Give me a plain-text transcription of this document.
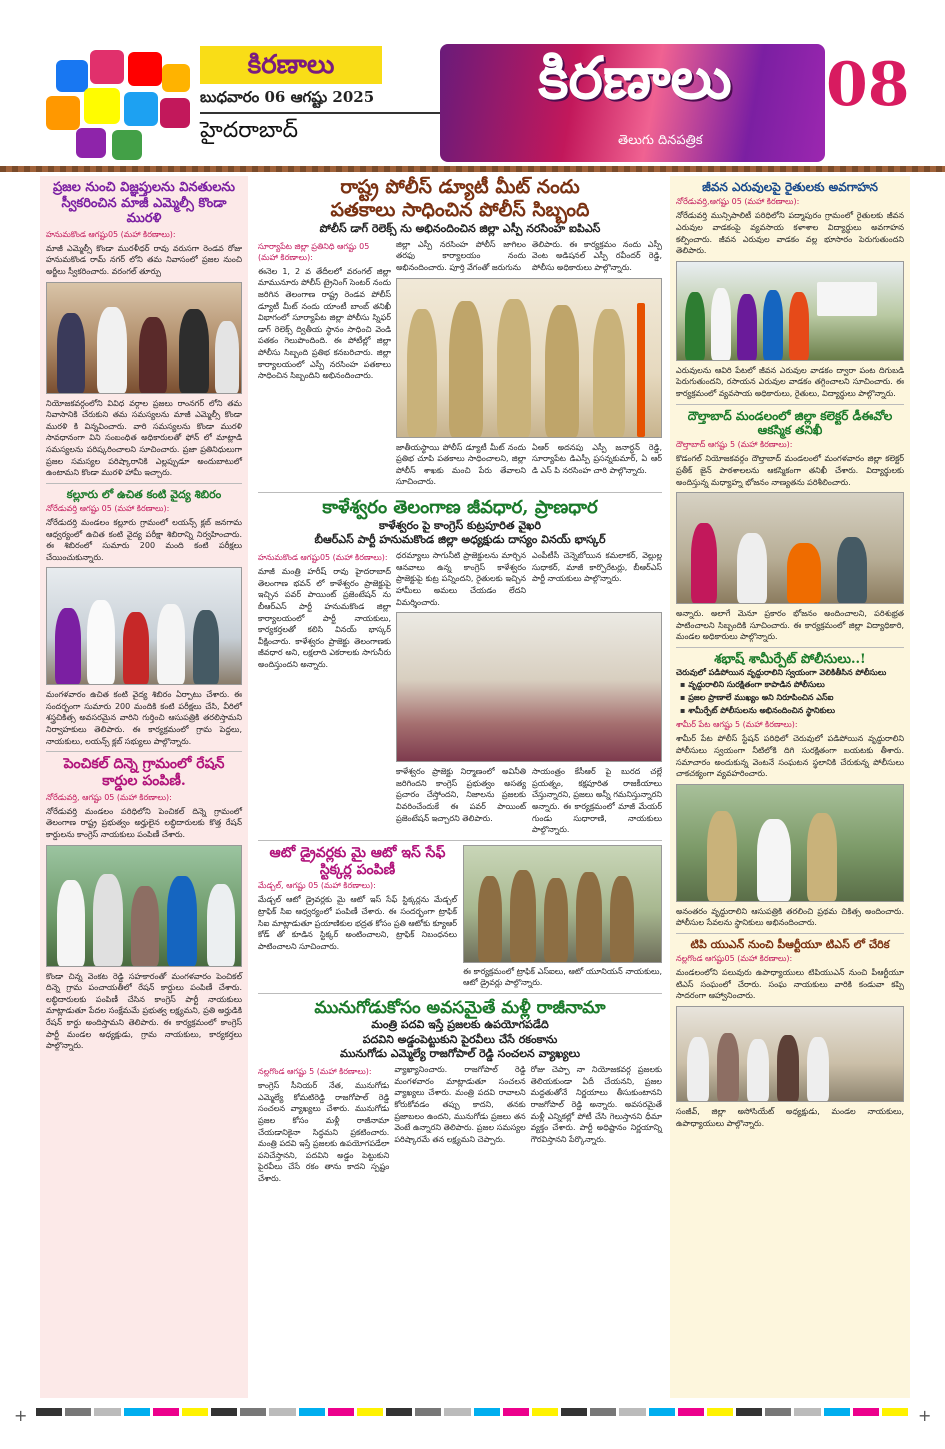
కిరణాలు
బుధవారం 06 ఆగష్టు 2025
హైదరాబాద్
కిరణాలు
తెలుగు దినపత్రిక
08
ప్రజల నుంచి విజ్ఞప్తులను వినతులను స్వీకరించిన మాజీ ఎమ్మెల్సీ కొండా మురళి
హనుమకొండ ఆగష్టు05 (మహా కిరణాలు):
మాజీ ఎమ్మెల్సీ కొండా మురళీధర్ రావు వరుసగా రెండవ రోజు హనుమకొండ రామ్ నగర్ లోని తమ నివాసంలో ప్రజల నుంచి అర్జీలు స్వీకరించారు. వరంగల్ తూర్పు
నియోజకవర్గంలోని వివిధ వర్గాల ప్రజలు రాంనగర్ లోని తమ నివాసానికి చేరుకుని తమ సమస్యలను మాజీ ఎమ్మెల్సీ కొండా మురళి కి విన్నవించారు. వారి సమస్యలను కొండా మురళి సావధానంగా విని సంబంధిత అధికారులతో ఫోన్ లో మాట్లాడి సమస్యలను పరిష్కరించాలని సూచించారు. ప్రజా ప్రతినిధులుగా ప్రజల సమస్యల పరిష్కారానికి ఎల్లప్పుడూ అందుబాటులో ఉంటామని కొండా మురళి హామీ ఇచ్చారు.
కల్లూరు లో ఉచిత కంటి వైద్య శిబిరం
నోరేడువర్తి ఆగష్టు 05 (మహా కిరణాలు):
నోరేడుదర్తి మండలం కల్లూరు గ్రామంలో లయన్స్ క్లబ్ జనగామ ఆధ్వర్యంలో ఉచిత కంటి వైద్య పరీక్షా శిబిరాన్ని నిర్వహించారు. ఈ శిబిరంలో సుమారు 200 మంది కంటి పరీక్షలు చేయించుకున్నారు.
మంగళవారం ఉచిత కంటి వైద్య శిబిరం ఏర్పాటు చేశారు. ఈ సందర్భంగా సుమారు 200 మందికి కంటి పరీక్షలు చేసి, వీరిలో శస్త్రచికిత్స అవసరమైన వారిని గుర్తించి ఆసుపత్రికి తరలిస్తామని నిర్వాహకులు తెలిపారు. ఈ కార్యక్రమంలో గ్రామ పెద్దలు, నాయకులు, లయన్స్ క్లబ్ సభ్యులు పాల్గొన్నారు.
పెంచికల్ దిన్నె గ్రామంలో రేషన్ కార్డుల పంపిణీ.
నోరేడువర్తి, ఆగష్టు 05 (మహా కిరణాలు):
నోరేడువర్తి మండలం పరిధిలోని పెంచికల్ దిన్నె గ్రామంలో తెలంగాణ రాష్ట్ర ప్రభుత్వం అర్హులైన లబ్ధిదారులకు కొత్త రేషన్ కార్డులను కాంగ్రెస్ నాయకులు పంపిణీ చేశారు.
కొండా చిన్న వెంకట రెడ్డి సహకారంతో మంగళవారం పెంచికల్ దిన్నె గ్రామ పంచాయతీలో రేషన్ కార్డులు పంపిణీ చేశారు. లబ్ధిదారులకు పంపిణీ చేసిన కాంగ్రెస్ పార్టీ నాయకులు మాట్లాడుతూ పేదల సంక్షేమమే ప్రభుత్వ లక్ష్యమని, ప్రతి అర్హుడికి రేషన్ కార్డు అందిస్తామని తెలిపారు. ఈ కార్యక్రమంలో కాంగ్రెస్ పార్టీ మండల అధ్యక్షుడు, గ్రామ నాయకులు, కార్యకర్తలు పాల్గొన్నారు.
రాష్ట్ర పోలీస్ డ్యూటీ మీట్ నందు
పతకాలు సాధించిన పోలీస్ సిబ్బంది
పోలీస్ డాగ్ రెలెక్స్ ను అభినందించిన జిల్లా ఎస్పీ నరసింహ ఐపిఎస్
సూర్యాపేట జిల్లా ప్రతినిధి ఆగష్టు 05 (మహా కిరణాలు):
ఈనెల 1, 2 వ తేదీలలో వరంగల్ జిల్లా మామునూరు పోలీస్ ట్రైనింగ్ సెంటర్ నందు జరిగిన తెలంగాణ రాష్ట్ర రెండవ పోలీస్ డ్యూటీ మీట్ నందు యాంటీ బాంబ్ తనిఖీ విభాగంలో సూర్యాపేట జిల్లా పోలీసు స్నిఫర్ డాగ్ రెలెక్స్ ద్వితీయ స్థానం సాధించి వెండి పతకం గెలుపొందింది. ఈ పోటీల్లో జిల్లా పోలీసు సిబ్బంది ప్రతిభ కనబరిచారు. జిల్లా కార్యాలయంలో ఎస్పీ నరసింహ పతకాలు సాధించిన సిబ్బందిని అభినందించారు.
జిల్లా ఎస్పీ నరసింహ పోలీస్ జాగిలం తరఫు కార్యాలయం నందు అభినందించారు. పూర్తి వేగంతో జరుగును
తెలిపారు. ఈ కార్యక్రమం నందు ఎస్పీ వెంట అడిషనల్ ఎస్పీ రవీందర్ రెడ్డి, పోలీసు అధికారులు పాల్గొన్నారు.
జాతీయస్థాయి పోలీస్ డ్యూటీ మీట్ నందు ప్రతిభ చూపి పతకాలు సాధించాలని, జిల్లా పోలీస్ శాఖకు మంచి పేరు తేవాలని సూచించారు.
ఏఆర్ అదనపు ఎస్పీ జనార్ధన్ రెడ్డి, సూర్యాపేట డిఎస్పీ ప్రసన్నకుమార్, ఏ ఆర్ డి ఎస్ పి నరసింహ చారి పాల్గొన్నారు.
కాళేశ్వరం తెలంగాణ జీవధార, ప్రాణధార
కాళేశ్వరం పై కాంగ్రెస్ కుట్రపూరిత వైఖరి
బీఆర్ఎస్ పార్టీ హనుమకొండ జిల్లా అధ్యక్షుడు దాస్యం వినయ్ భాస్కర్
హనుమకొండ ఆగష్టు05 (మహా కిరణాలు):
మాజీ మంత్రి హరీష్ రావు హైదరాబాద్ తెలంగాణ భవన్ లో కాళేశ్వరం ప్రాజెక్టుపై ఇచ్చిన పవర్ పాయింట్ ప్రజెంటేషన్ ను బీఆర్ఎస్ పార్టీ హనుమకొండ జిల్లా కార్యాలయంలో పార్టీ నాయకులు, కార్యకర్తలతో కలిసి వినయ్ భాస్కర్ వీక్షించారు. కాళేశ్వరం ప్రాజెక్టు తెలంగాణకు జీవధార అని, లక్షలాది ఎకరాలకు సాగునీరు అందిస్తుందని అన్నారు.
ధరమ్యాలు సాగునీటి ప్రాజెక్టులను మార్చిన ఆనవాలు ఉన్న కాంగ్రెస్ కాళేశ్వరం ప్రాజెక్టుపై కుట్ర పన్నిందని, రైతులకు ఇచ్చిన హామీలు అమలు చేయడం లేదని విమర్శించారు.
ఎంపీటీసీ చెన్నెబోయిన కమలాకర్, వెల్లుల్ల సుధాకర్, మాజీ కార్పొరేటర్లు, బీఆర్ఎస్ పార్టీ నాయకులు పాల్గొన్నారు.
కాళేశ్వరం ప్రాజెక్టు నిర్మాణంలో అవినీతి జరిగిందని కాంగ్రెస్ ప్రభుత్వం అసత్య ప్రచారం చేస్తోందని, నిజాలను ప్రజలకు వివరించేందుకే ఈ పవర్ పాయింట్ ప్రజెంటేషన్ ఇచ్చారని తెలిపారు.
సాయంత్రం కేసీఆర్ పై బురద చల్లే ప్రయత్నం, కక్షపూరిత రాజకీయాలు చేస్తున్నారని, ప్రజలు అన్నీ గమనిస్తున్నారని అన్నారు. ఈ కార్యక్రమంలో మాజీ మేయర్ గుండు సుధారాణి, నాయకులు పాల్గొన్నారు.
ఆటో డ్రైవర్లకు మై ఆటో ఇస్ సేఫ్ స్టిక్కర్ల పంపిణీ
మేడ్చల్, ఆగష్టు 05 (మహా కిరణాలు):
మేడ్చల్ ఆటో డ్రైవర్లకు మై ఆటో ఇస్ సేఫ్ స్టిక్కర్లను మేడ్చల్ ట్రాఫిక్ సిఐ ఆధ్వర్యంలో పంపిణీ చేశారు. ఈ సందర్భంగా ట్రాఫిక్ సిఐ మాట్లాడుతూ ప్రయాణికుల భద్రత కోసం ప్రతి ఆటోకు క్యూఆర్ కోడ్ తో కూడిన స్టిక్కర్ అంటించాలని, ట్రాఫిక్ నిబంధనలు పాటించాలని సూచించారు.
ఈ కార్యక్రమంలో ట్రాఫిక్ ఎస్ఐలు, ఆటో యూనియన్ నాయకులు, ఆటో డ్రైవర్లు పాల్గొన్నారు.
మునుగోడుకోసం అవసమైతే మళ్లీ రాజీనామా
మంత్రి పదవి ఇస్తే ప్రజలకు ఉపయోగపడేది
పదవిని అడ్డంపెట్టుకుని పైరవీలు చేసే రకంకాను
మునుగోడు ఎమ్మెల్యే రాజగోపాల్ రెడ్డి సంచలన వ్యాఖ్యలు
నల్లగొండ ఆగష్టు 5 (మహా కిరణాలు):
కాంగ్రెస్ సీనియర్ నేత, మునుగోడు ఎమ్మెల్యే కోమటిరెడ్డి రాజగోపాల్ రెడ్డి సంచలన వ్యాఖ్యలు చేశారు. మునుగోడు ప్రజల కోసం మళ్లీ రాజీనామా చేయడానికైనా సిద్ధమని ప్రకటించారు. మంత్రి పదవి ఇస్తే ప్రజలకు ఉపయోగపడేలా పనిచేస్తానని, పదవిని అడ్డం పెట్టుకుని పైరవీలు చేసే రకం తాను కాదని స్పష్టం చేశారు.
వ్యాఖ్యానించారు. రాజగోపాల్ రెడ్డి మంగళవారం మాట్లాడుతూ సంచలన వ్యాఖ్యలు చేశారు. మంత్రి పదవి రావాలని కోరుకోవడం తప్పు కాదని, తనకు ప్రజాబలం ఉందని, మునుగోడు ప్రజలు తన వెంటే ఉన్నారని తెలిపారు. ప్రజల సమస్యల పరిష్కారమే తన లక్ష్యమని చెప్పారు.
రోజు చెప్పా నా నియోజకవర్గ ప్రజలకు తెలియకుండా ఏదీ చేయనని, ప్రజల మద్దతుతోనే నిర్ణయాలు తీసుకుంటానని రాజగోపాల్ రెడ్డి అన్నారు. అవసరమైతే మళ్లీ ఎన్నికల్లో పోటీ చేసి గెలుస్తానని ధీమా వ్యక్తం చేశారు. పార్టీ అధిష్టానం నిర్ణయాన్ని గౌరవిస్తానని పేర్కొన్నారు.
జీవన ఎరువులపై రైతులకు అవగాహన
నోరేడువర్తి,ఆగష్టు 05 (మహా కిరణాలు):
నోరేడువర్తి మున్సిపాలిటీ పరిధిలోని పద్మాపురం గ్రామంలో రైతులకు జీవన ఎరువుల వాడకంపై వ్యవసాయ కళాశాల విద్యార్థులు అవగాహన కల్పించారు. జీవన ఎరువుల వాడకం వల్ల భూసారం పెరుగుతుందని తెలిపారు.
ఎరువులను ఆవిరి పేటలో జీవన ఎరువుల వాడకం ద్వారా పంట దిగుబడి పెరుగుతుందని, రసాయన ఎరువుల వాడకం తగ్గించాలని సూచించారు. ఈ కార్యక్రమంలో వ్యవసాయ అధికారులు, రైతులు, విద్యార్థులు పాల్గొన్నారు.
దౌల్తాబాద్ మండలంలో జిల్లా కలెక్టర్ డీఈవోల ఆకస్మిక తనిఖీ
దౌల్తాబాద్ ఆగష్టు 5 (మహా కిరణాలు):
కొడంగల్ నియోజకవర్గం దౌల్తాబాద్ మండలంలో మంగళవారం జిల్లా కలెక్టర్ ప్రతీక్ జైన్ పాఠశాలలను ఆకస్మికంగా తనిఖీ చేశారు. విద్యార్థులకు అందిస్తున్న మధ్యాహ్న భోజనం నాణ్యతను పరిశీలించారు.
అన్నారు. అలాగే మెనూ ప్రకారం భోజనం అందించాలని, పరిశుభ్రత పాటించాలని సిబ్బందికి సూచించారు. ఈ కార్యక్రమంలో జిల్లా విద్యాధికారి, మండల అధికారులు పాల్గొన్నారు.
శభాష్ శామీర్పేట్ పోలీసులు..!
చెరువులో పడిపోయిన వృద్దురాలిని స్వయంగా వెలికితీసిన పోలీసులు
▪ వృద్దురాలిని సురక్షితంగా కాపాడిన పోలీసులు
▪ ప్రజల ప్రాణాలే ముఖ్యం అని నిరూపించిన ఎస్ఐ
▪ శామీర్పేట్ పోలీసులను అభినందించిన స్థానికులు
శామీర్ పేట ఆగష్టు 5 (మహా కిరణాలు):
శామీర్ పేట పోలీస్ స్టేషన్ పరిధిలో చెరువులో పడిపోయిన వృద్దురాలిని పోలీసులు స్వయంగా నీటిలోకి దిగి సురక్షితంగా బయటకు తీశారు. సమాచారం అందుకున్న వెంటనే సంఘటన స్థలానికి చేరుకున్న పోలీసులు చాకచక్యంగా వ్యవహరించారు.
అనంతరం వృద్దురాలిని ఆసుపత్రికి తరలించి ప్రథమ చికిత్స అందించారు. పోలీసుల సేవలను స్థానికులు అభినందించారు.
టిపి యుఎన్ నుంచి పీఆర్టీయూ టిఎస్ లో చేరిక
నల్లగొండ ఆగష్టు05 (మహా కిరణాలు):
మండలంలోని పలువురు ఉపాధ్యాయులు టిపియుఎన్ నుంచి పీఆర్టీయూ టిఎస్ సంఘంలో చేరారు. సంఘ నాయకులు వారికి కండువా కప్పి సాదరంగా ఆహ్వానించారు.
సంజీవ్, జిల్లా అసోసియేట్ అధ్యక్షుడు, మండల నాయకులు, ఉపాధ్యాయులు పాల్గొన్నారు.
+	+
